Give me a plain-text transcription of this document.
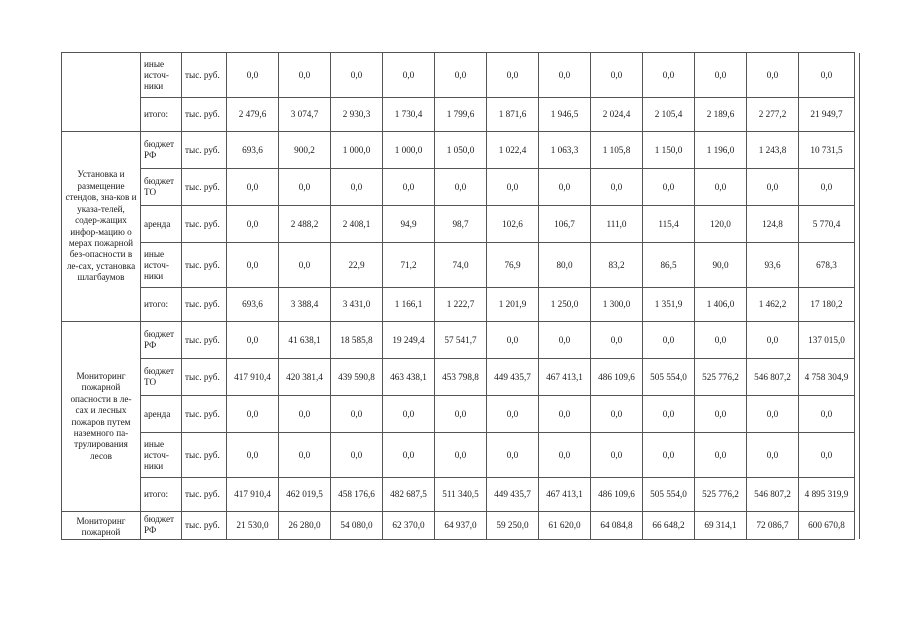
	иные источ-ники	тыс. руб.	0,0	0,0	0,0	0,0	0,0	0,0	0,0	0,0	0,0	0,0	0,0	0,0	
	итого:	тыс. руб.	2 479,6	3 074,7	2 930,3	1 730,4	1 799,6	1 871,6	1 946,5	2 024,4	2 105,4	2 189,6	2 277,2	21 949,7	
Установка и размещение стендов, зна-ков и указа-телей, содер-жащих инфор-мацию о мерах пожарной без-опасности в ле-сах, установка шлагбаумов	бюджет РФ	тыс. руб.	693,6	900,2	1 000,0	1 000,0	1 050,0	1 022,4	1 063,3	1 105,8	1 150,0	1 196,0	1 243,8	10 731,5	
	бюджет ТО	тыс. руб.	0,0	0,0	0,0	0,0	0,0	0,0	0,0	0,0	0,0	0,0	0,0	0,0	
	аренда	тыс. руб.	0,0	2 488,2	2 408,1	94,9	98,7	102,6	106,7	111,0	115,4	120,0	124,8	5 770,4	
	иные источ-ники	тыс. руб.	0,0	0,0	22,9	71,2	74,0	76,9	80,0	83,2	86,5	90,0	93,6	678,3	
	итого:	тыс. руб.	693,6	3 388,4	3 431,0	1 166,1	1 222,7	1 201,9	1 250,0	1 300,0	1 351,9	1 406,0	1 462,2	17 180,2	
Мониторинг пожарной опасности в ле-сах и лесных пожаров путем наземного па-трулирования лесов	бюджет РФ	тыс. руб.	0,0	41 638,1	18 585,8	19 249,4	57 541,7	0,0	0,0	0,0	0,0	0,0	0,0	137 015,0	
	бюджет ТО	тыс. руб.	417 910,4	420 381,4	439 590,8	463 438,1	453 798,8	449 435,7	467 413,1	486 109,6	505 554,0	525 776,2	546 807,2	4 758 304,9	
	аренда	тыс. руб.	0,0	0,0	0,0	0,0	0,0	0,0	0,0	0,0	0,0	0,0	0,0	0,0	
	иные источ-ники	тыс. руб.	0,0	0,0	0,0	0,0	0,0	0,0	0,0	0,0	0,0	0,0	0,0	0,0	
	итого:	тыс. руб.	417 910,4	462 019,5	458 176,6	482 687,5	511 340,5	449 435,7	467 413,1	486 109,6	505 554,0	525 776,2	546 807,2	4 895 319,9	
Мониторинг пожарной	бюджет РФ	тыс. руб.	21 530,0	26 280,0	54 080,0	62 370,0	64 937,0	59 250,0	61 620,0	64 084,8	66 648,2	69 314,1	72 086,7	600 670,8	
